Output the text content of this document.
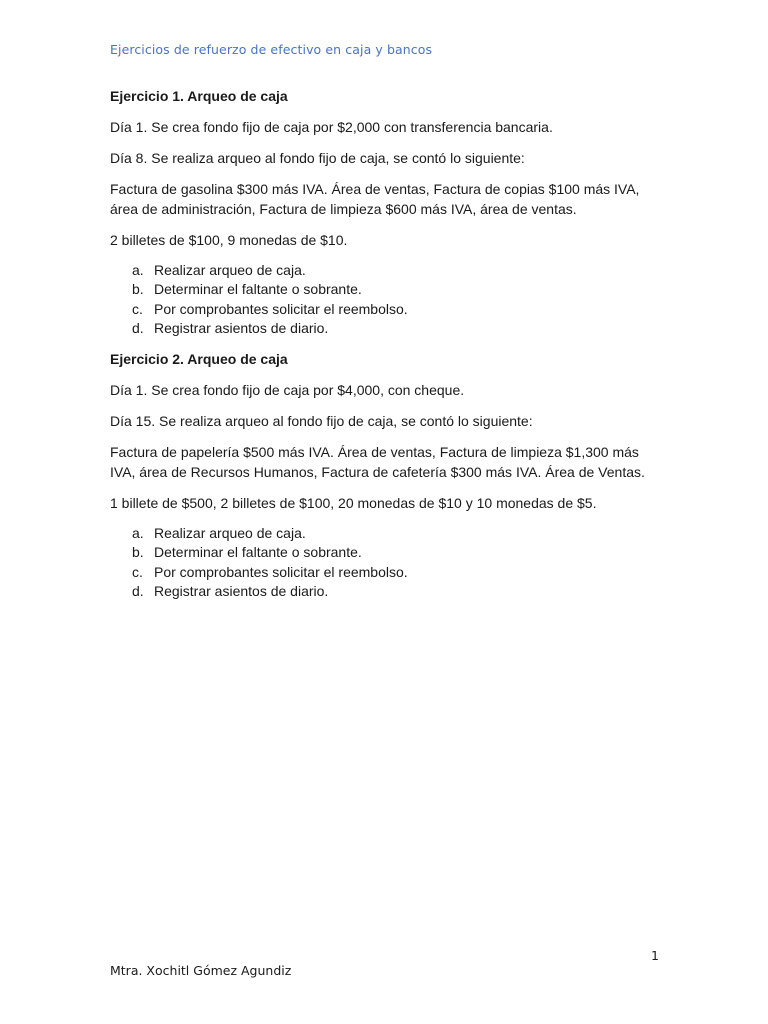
Ejercicios de refuerzo de efectivo en caja y bancos
Ejercicio 1. Arqueo de caja

Día 1. Se crea fondo fijo de caja por $2,000 con transferencia bancaria.

Día 8. Se realiza arqueo al fondo fijo de caja, se contó lo siguiente:

Factura de gasolina $300 más IVA. Área de ventas, Factura de copias $100 más IVA, área de administración, Factura de limpieza $600 más IVA, área de ventas.

2 billetes de $100, 9 monedas de $10.

a. Realizar arqueo de caja.
b. Determinar el faltante o sobrante.
c. Por comprobantes solicitar el reembolso.
d. Registrar asientos de diario.
Ejercicio 2. Arqueo de caja

Día 1. Se crea fondo fijo de caja por $4,000, con cheque.

Día 15. Se realiza arqueo al fondo fijo de caja, se contó lo siguiente:

Factura de papelería $500 más IVA. Área de ventas, Factura de limpieza $1,300 más IVA, área de Recursos Humanos, Factura de cafetería $300 más IVA. Área de Ventas.

1 billete de $500, 2 billetes de $100, 20 monedas de $10 y 10 monedas de $5.

a. Realizar arqueo de caja.
b. Determinar el faltante o sobrante.
c. Por comprobantes solicitar el reembolso.
d. Registrar asientos de diario.
1
Mtra. Xochitl Gómez Agundiz
